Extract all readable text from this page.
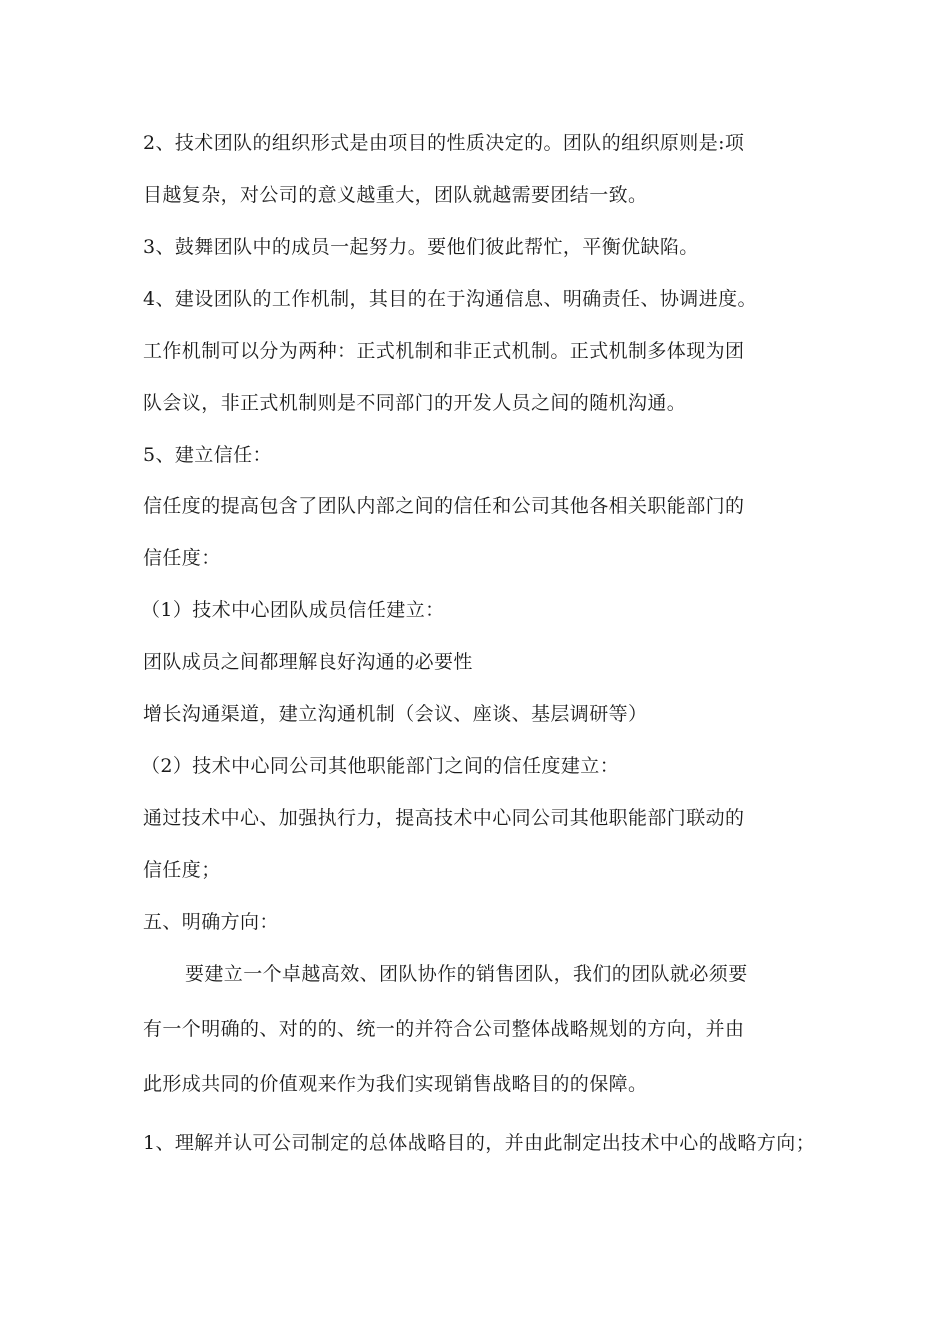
2、技术团队的组织形式是由项目的性质决定的。团队的组织原则是:项
目越复杂，对公司的意义越重大，团队就越需要团结一致。
3、鼓舞团队中的成员一起努力。要他们彼此帮忙，平衡优缺陷。
4、建设团队的工作机制，其目的在于沟通信息、明确责任、协调进度。
工作机制可以分为两种：正式机制和非正式机制。正式机制多体现为团
队会议，非正式机制则是不同部门的开发人员之间的随机沟通。
5、建立信任：
信任度的提高包含了团队内部之间的信任和公司其他各相关职能部门的
信任度：
（1）技术中心团队成员信任建立：
团队成员之间都理解良好沟通的必要性
增长沟通渠道，建立沟通机制（会议、座谈、基层调研等）
（2）技术中心同公司其他职能部门之间的信任度建立：
通过技术中心、加强执行力，提高技术中心同公司其他职能部门联动的
信任度；
五、明确方向：
要建立一个卓越高效、团队协作的销售团队，我们的团队就必须要
有一个明确的、对的的、统一的并符合公司整体战略规划的方向，并由
此形成共同的价值观来作为我们实现销售战略目的的保障。
1、理解并认可公司制定的总体战略目的，并由此制定出技术中心的战略方向；
